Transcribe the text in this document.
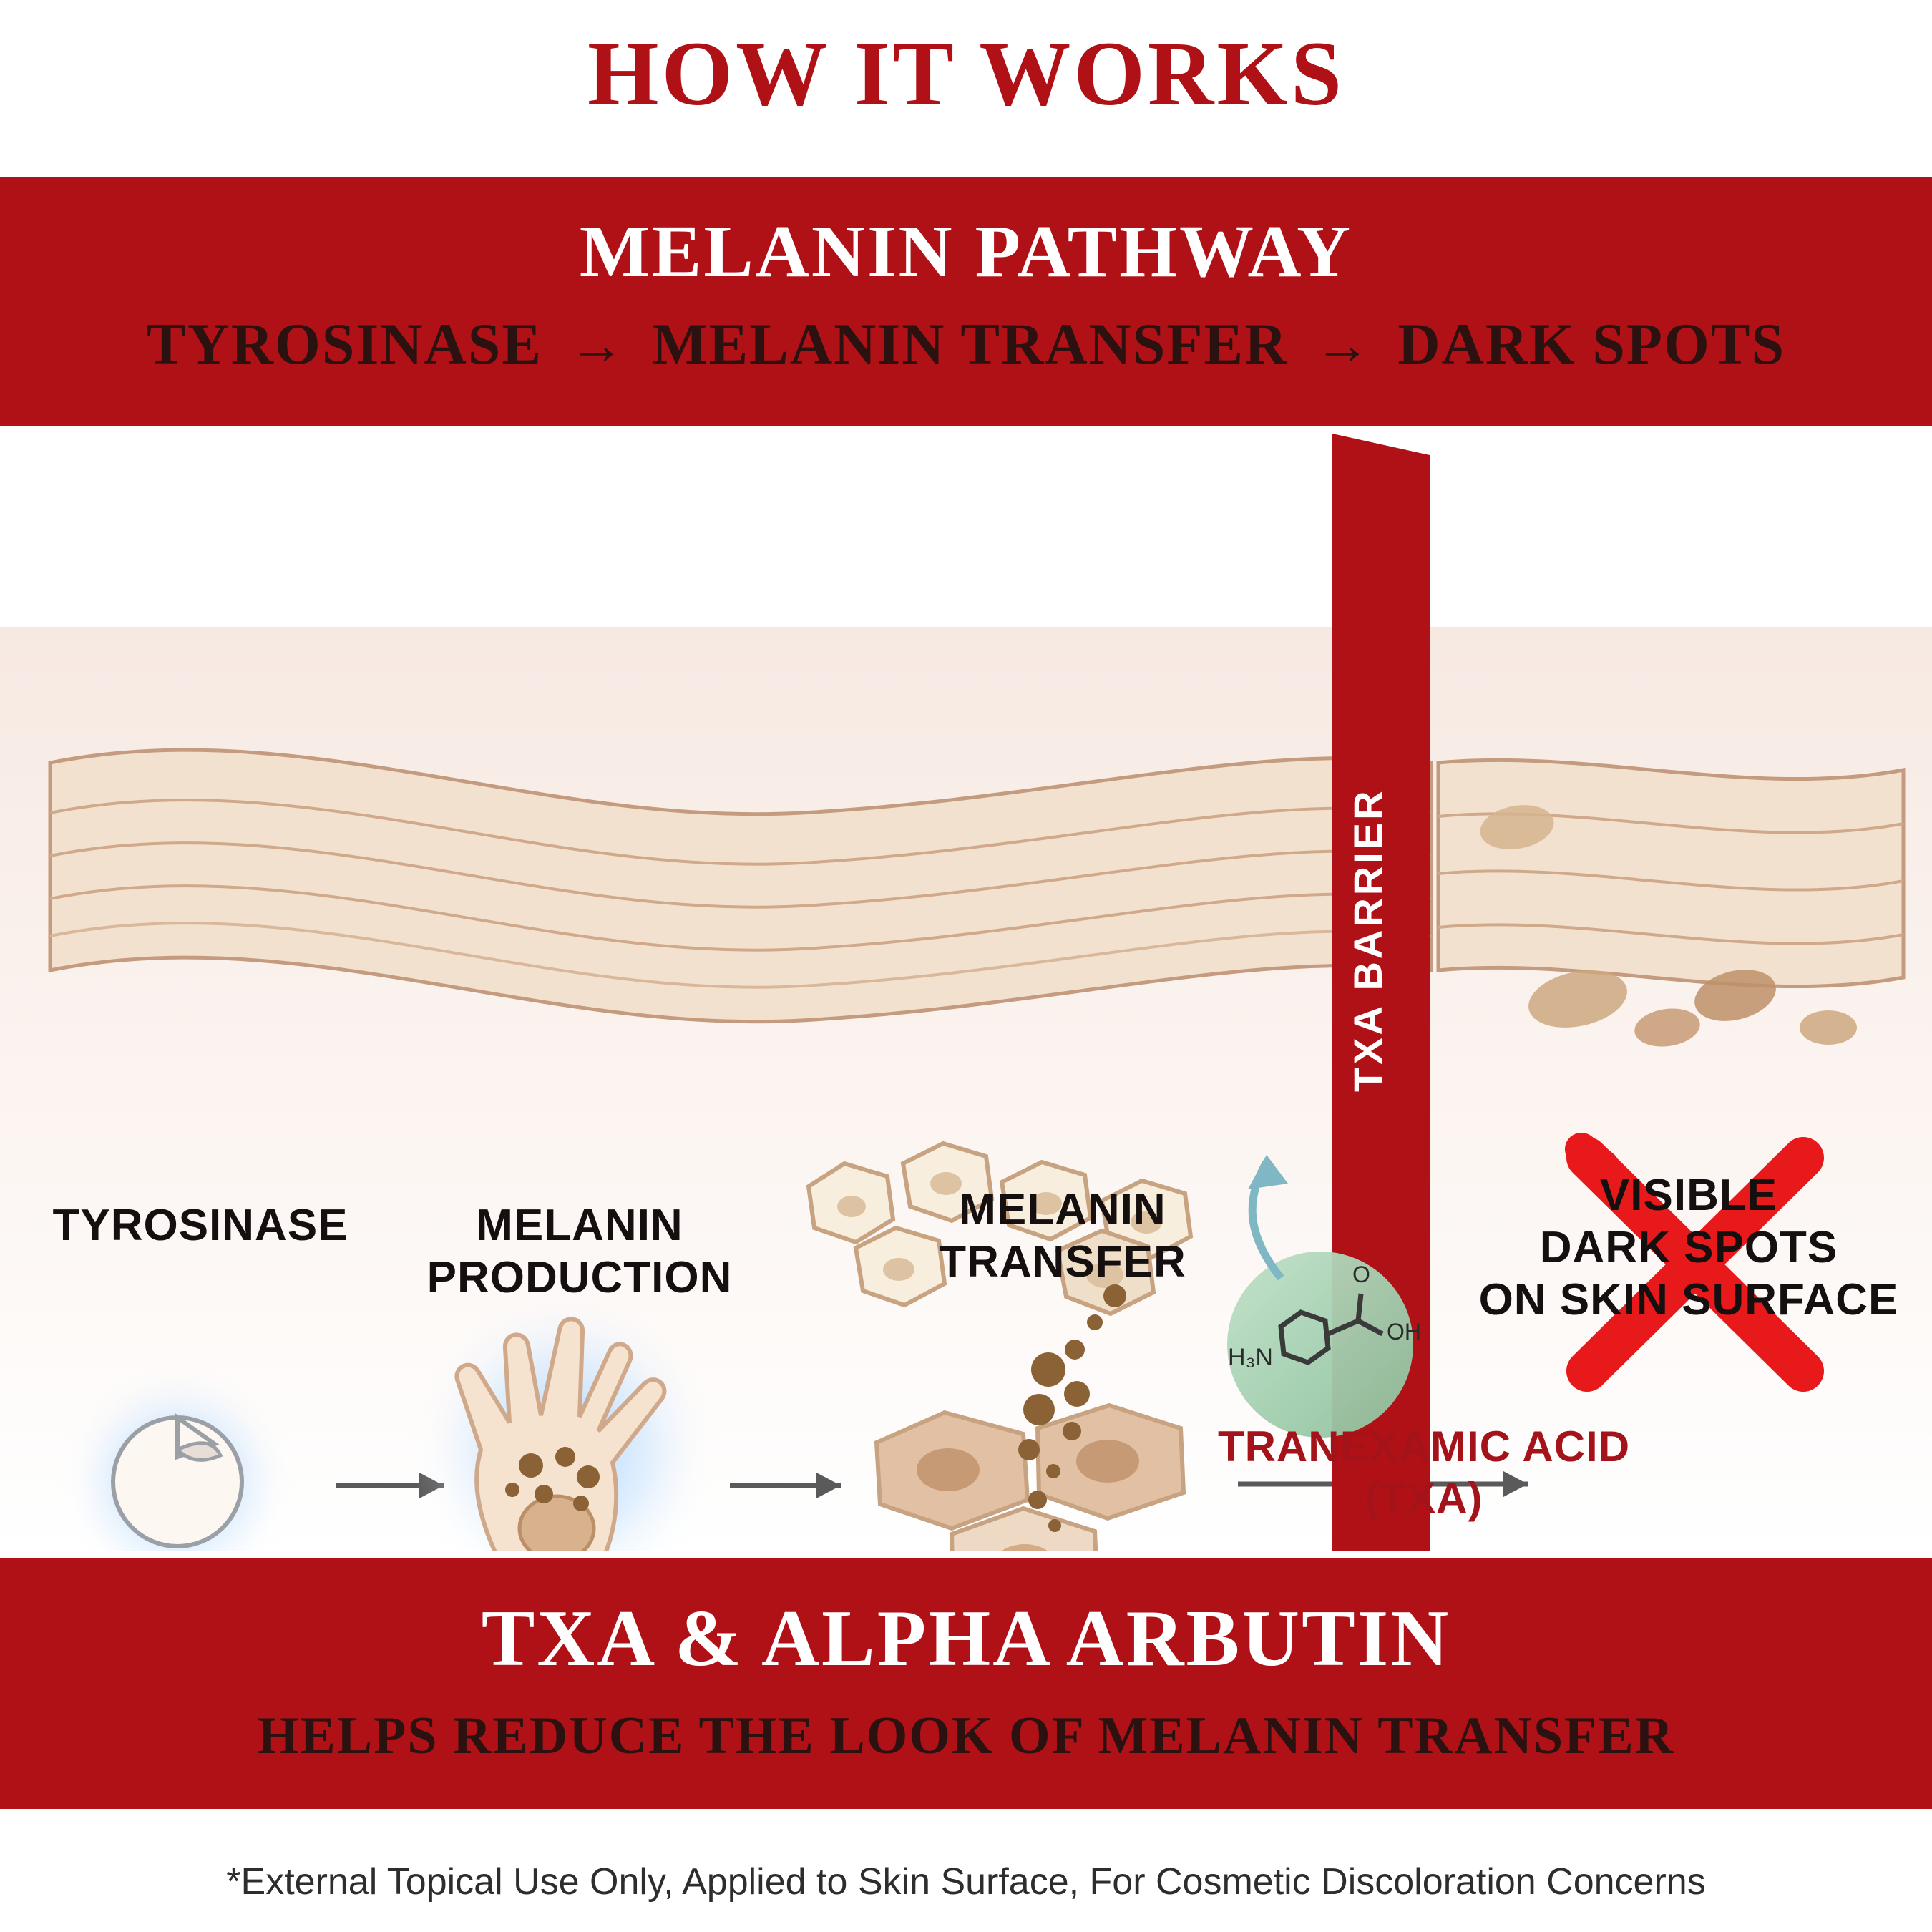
HOW IT WORKS
MELANIN PATHWAY
TYROSINASE → MELANIN TRANSFER → DARK SPOTS
H₃N
OH
O
TYROSINASE	MELANIN
PRODUCTION
MELANIN
TRANSFER
VISIBLE
DARK SPOTS
ON SKIN SURFACE
TXA BARRIER
TRANEXAMIC ACID
(TXA)
TXA & ALPHA ARBUTIN
HELPS REDUCE THE LOOK OF MELANIN TRANSFER
*External Topical Use Only, Applied to Skin Surface, For Cosmetic Discoloration Concerns
